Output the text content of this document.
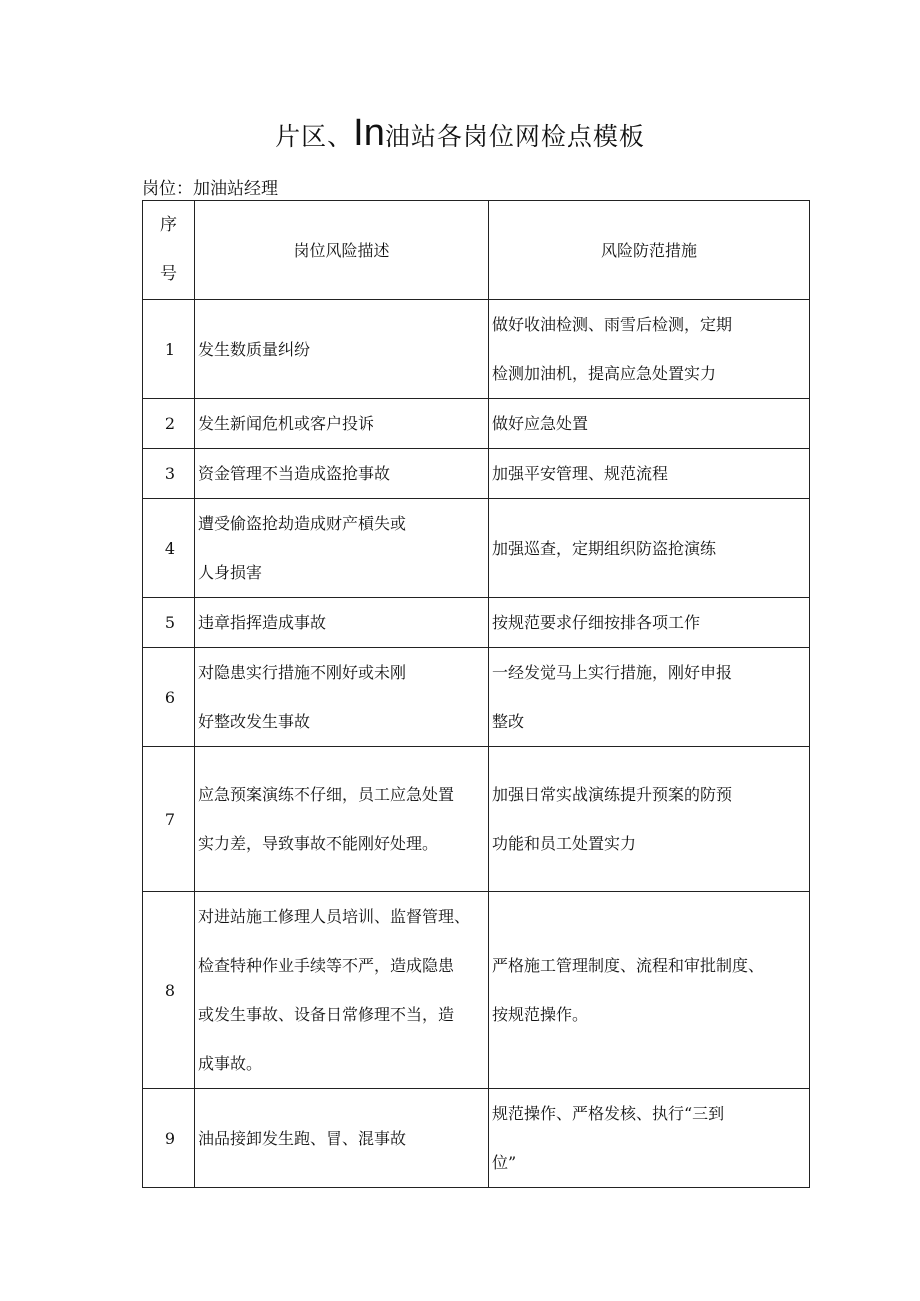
片区、In油站各岗位网检点模板
岗位：加油站经理
序
号	岗位风险描述	风险防范措施
1	发生数质量纠纷	做好收油检测、雨雪后检测，定期
检测加油机，提高应急处置实力

2	发生新闻危机或客户投诉	做好应急处置

3	资金管理不当造成盗抢事故	加强平安管理、规范流程

4	遭受偷盗抢劫造成财产槓失或
人身损害	加强巡查，定期组织防盗抢演练

5	违章指挥造成事故	按规范要求仔细按排各项工作

6	对隐患实行措施不刚好或未刚
好整改发生事故	一经发觉马上实行措施，刚好申报
整改

7	应急预案演练不仔细，员工应急处置
实力差，导致事故不能刚好处理。	加强日常实战演练提升预案的防预
功能和员工处置实力

8	对进站施工修理人员培训、监督管理、
检查特种作业手续等不严，造成隐患
或发生事故、设备日常修理不当，造
成事故。	严格施工管理制度、流程和审批制度、
按规范操作。

9	油品接卸发生跑、冒、混事故	规范操作、严格发核、执行“三到
位”
